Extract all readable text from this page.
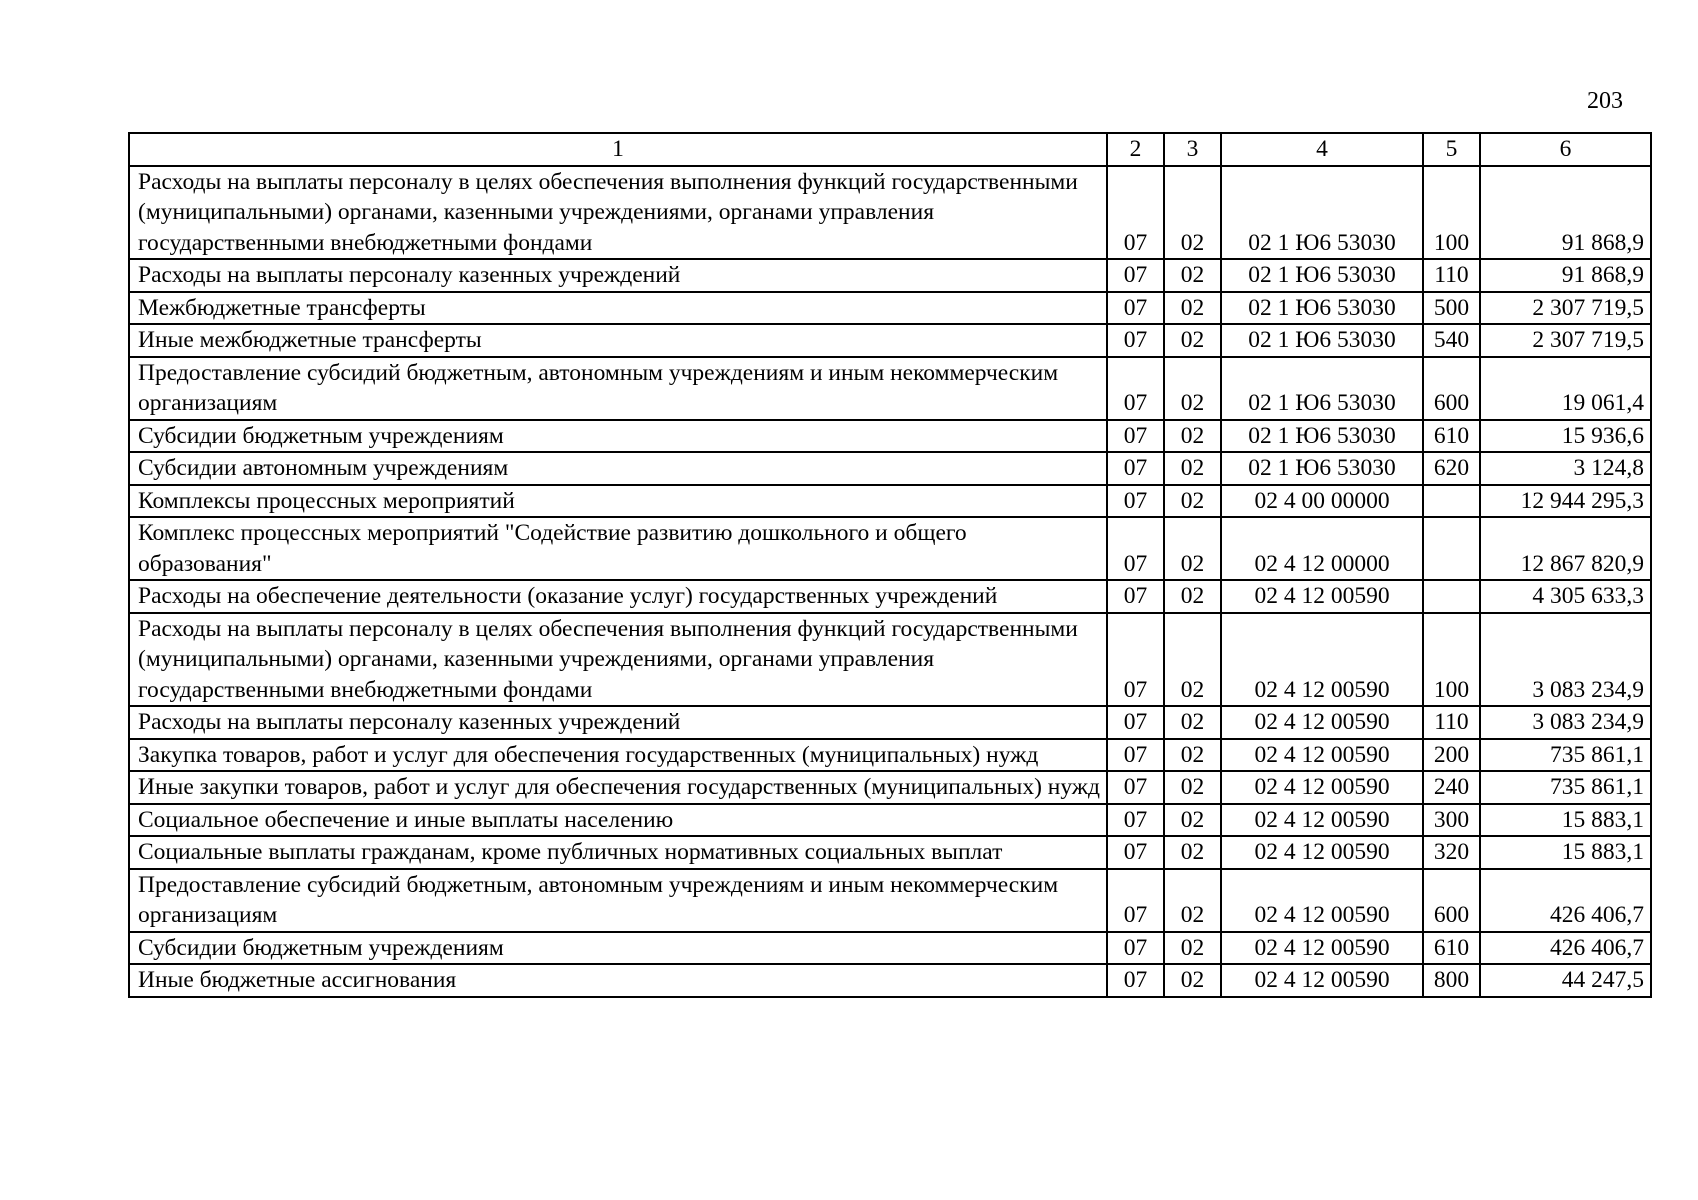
203
1	2	3	4	5	6
Расходы на выплаты персоналу в целях обеспечения выполнения функций государственными (муниципальными) органами, казенными учреждениями, органами управления государственными внебюджетными фондами	07	02	02 1 Ю6 53030	100	91 868,9
Расходы на выплаты персоналу казенных учреждений	07	02	02 1 Ю6 53030	110	91 868,9
Межбюджетные трансферты	07	02	02 1 Ю6 53030	500	2 307 719,5
Иные межбюджетные трансферты	07	02	02 1 Ю6 53030	540	2 307 719,5
Предоставление субсидий бюджетным, автономным учреждениям и иным некоммерческим организациям	07	02	02 1 Ю6 53030	600	19 061,4
Субсидии бюджетным учреждениям	07	02	02 1 Ю6 53030	610	15 936,6
Субсидии автономным учреждениям	07	02	02 1 Ю6 53030	620	3 124,8
Комплексы процессных мероприятий	07	02	02 4 00 00000		12 944 295,3
Комплекс процессных мероприятий "Содействие развитию дошкольного и общего образования"	07	02	02 4 12 00000		12 867 820,9
Расходы на обеспечение деятельности (оказание услуг) государственных учреждений	07	02	02 4 12 00590		4 305 633,3
Расходы на выплаты персоналу в целях обеспечения выполнения функций государственными (муниципальными) органами, казенными учреждениями, органами управления государственными внебюджетными фондами	07	02	02 4 12 00590	100	3 083 234,9
Расходы на выплаты персоналу казенных учреждений	07	02	02 4 12 00590	110	3 083 234,9
Закупка товаров, работ и услуг для обеспечения государственных (муниципальных) нужд	07	02	02 4 12 00590	200	735 861,1
Иные закупки товаров, работ и услуг для обеспечения государственных (муниципальных) нужд	07	02	02 4 12 00590	240	735 861,1
Социальное обеспечение и иные выплаты населению	07	02	02 4 12 00590	300	15 883,1
Социальные выплаты гражданам, кроме публичных нормативных социальных выплат	07	02	02 4 12 00590	320	15 883,1
Предоставление субсидий бюджетным, автономным учреждениям и иным некоммерческим организациям	07	02	02 4 12 00590	600	426 406,7
Субсидии бюджетным учреждениям	07	02	02 4 12 00590	610	426 406,7
Иные бюджетные ассигнования	07	02	02 4 12 00590	800	44 247,5
